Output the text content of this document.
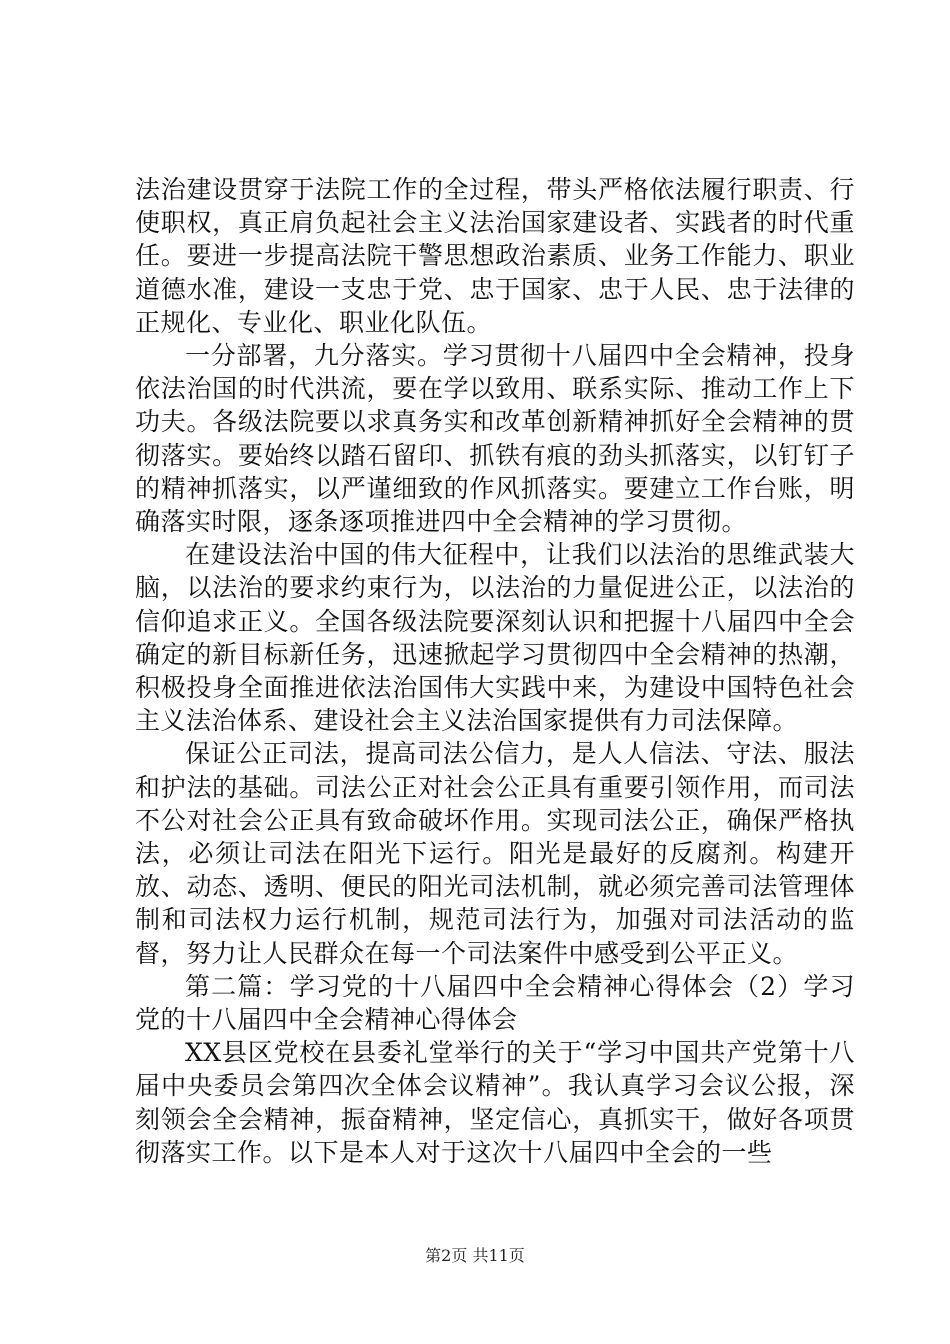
法治建设贯穿于法院工作的全过程，带头严格依法履行职责、行使职权，真正肩负起社会主义法治国家建设者、实践者的时代重任。要进一步提高法院干警思想政治素质、业务工作能力、职业道德水准，建设一支忠于党、忠于国家、忠于人民、忠于法律的正规化、专业化、职业化队伍。

一分部署，九分落实。学习贯彻十八届四中全会精神，投身依法治国的时代洪流，要在学以致用、联系实际、推动工作上下功夫。各级法院要以求真务实和改革创新精神抓好全会精神的贯彻落实。要始终以踏石留印、抓铁有痕的劲头抓落实，以钉钉子的精神抓落实，以严谨细致的作风抓落实。要建立工作台账，明确落实时限，逐条逐项推进四中全会精神的学习贯彻。

在建设法治中国的伟大征程中，让我们以法治的思维武装大脑，以法治的要求约束行为，以法治的力量促进公正，以法治的信仰追求正义。全国各级法院要深刻认识和把握十八届四中全会确定的新目标新任务，迅速掀起学习贯彻四中全会精神的热潮，积极投身全面推进依法治国伟大实践中来，为建设中国特色社会主义法治体系、建设社会主义法治国家提供有力司法保障。

保证公正司法，提高司法公信力，是人人信法、守法、服法和护法的基础。司法公正对社会公正具有重要引领作用，而司法不公对社会公正具有致命破坏作用。实现司法公正，确保严格执法，必须让司法在阳光下运行。阳光是最好的反腐剂。构建开放、动态、透明、便民的阳光司法机制，就必须完善司法管理体制和司法权力运行机制，规范司法行为，加强对司法活动的监督，努力让人民群众在每一个司法案件中感受到公平正义。

第二篇：学习党的十八届四中全会精神心得体会（2）学习党的十八届四中全会精神心得体会

XX县区党校在县委礼堂举行的关于“学习中国共产党第十八届中央委员会第四次全体会议精神”。我认真学习会议公报，深刻领会全会精神，振奋精神，坚定信心，真抓实干，做好各项贯彻落实工作。以下是本人对于这次十八届四中全会的一些

第2页 共11页
